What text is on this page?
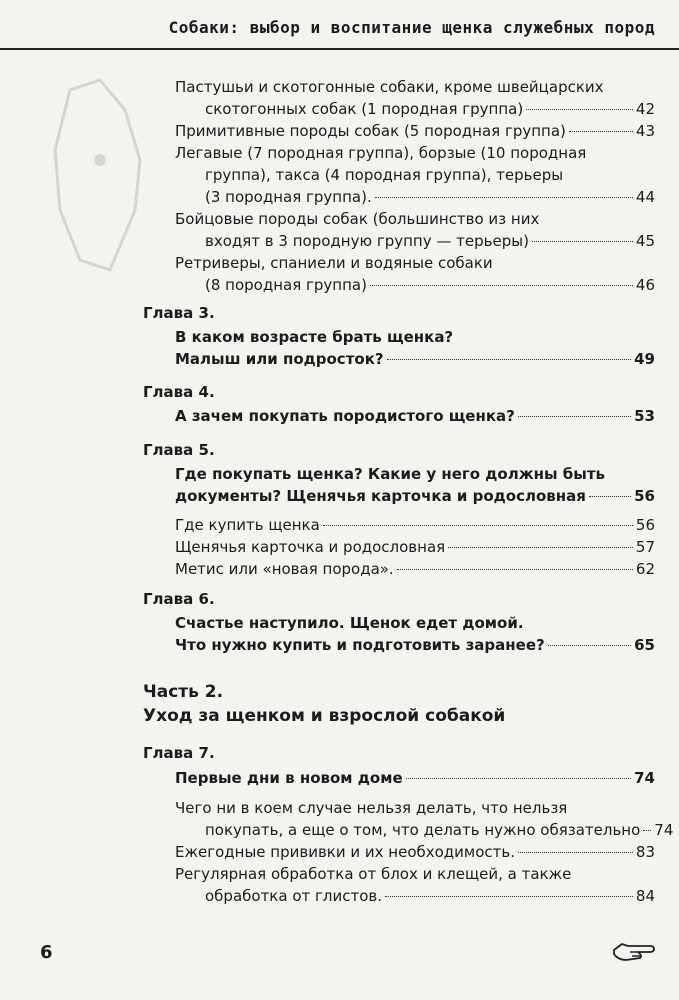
Собаки: выбор и воспитание щенка служебных пород
Пастушьи и скотогонные собаки, кроме швейцарских
скотогонных собак (1 породная группа)	42
Примитивные породы собак (5 породная группа)	43
Легавые (7 породная группа), борзые (10 породная
группа), такса (4 породная группа), терьеры
(3 породная группа).	44
Бойцовые породы собак (большинство из них
входят в 3 породную группу — терьеры)	45
Ретриверы, спаниели и водяные собаки
(8 породная группа)	46
Глава 3.
В каком возрасте брать щенка?
Малыш или подросток?	49
Глава 4.
А зачем покупать породистого щенка?	53
Глава 5.
Где покупать щенка? Какие у него должны быть
документы? Щенячья карточка и родословная	56
Где купить щенка	56
Щенячья карточка и родословная	57
Метис или «новая порода».	62
Глава 6.
Счастье наступило. Щенок едет домой.
Что нужно купить и подготовить заранее?	65
Часть 2.
Уход за щенком и взрослой собакой
Глава 7.
Первые дни в новом доме	74
Чего ни в коем случае нельзя делать, что нельзя
покупать, а еще о том, что делать нужно обязательно 74
Ежегодные прививки и их необходимость.	83
Регулярная обработка от блох и клещей, а также
обработка от глистов.	84
6
